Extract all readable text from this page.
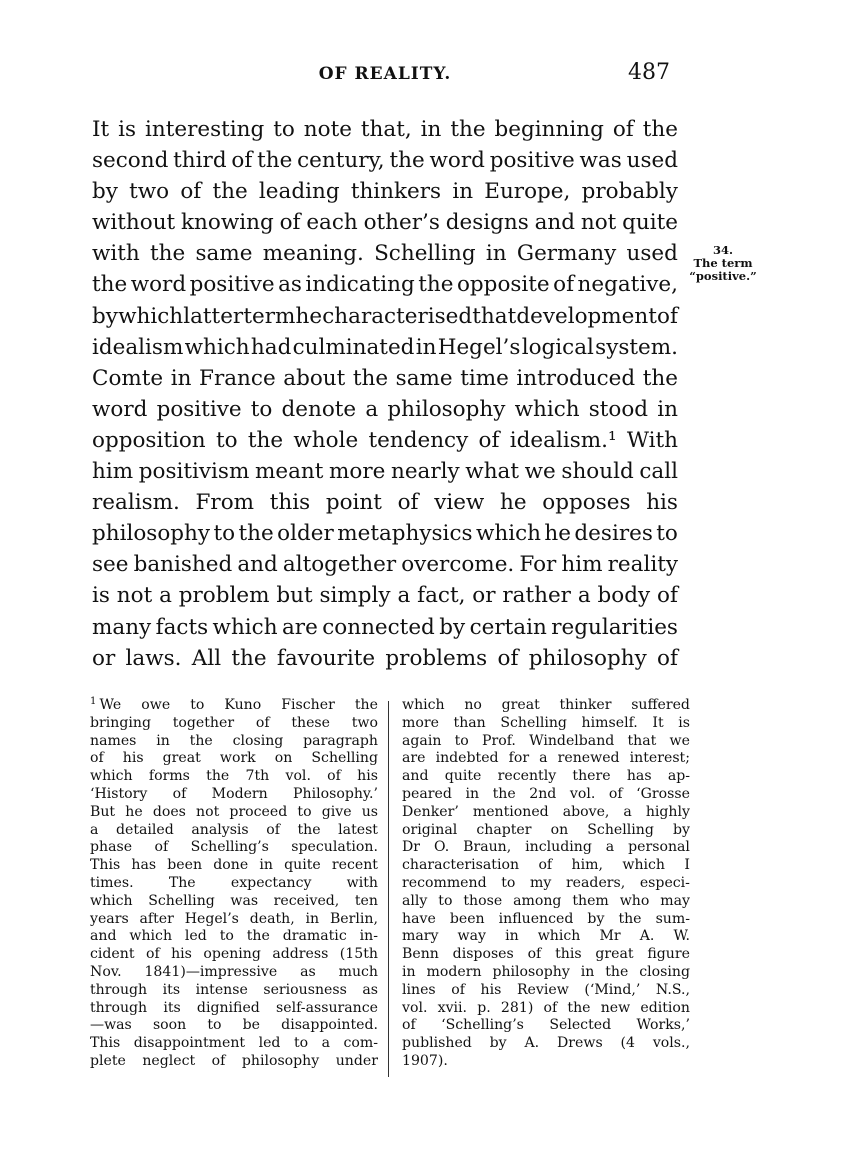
OF REALITY.	487
It is interesting to note that, in the beginning of the
second third of the century, the word positive was used
by two of the leading thinkers in Europe, probably
without knowing of each other’s designs and not quite
with the same meaning. Schelling in Germany used
the word positive as indicating the opposite of negative,
by which latter term he characterised that development of
idealism which had culminated in Hegel’s logical system.
Comte in France about the same time introduced the
word positive to denote a philosophy which stood in
opposition to the whole tendency of idealism.¹ With
him positivism meant more nearly what we should call
realism. From this point of view he opposes his
philosophy to the older metaphysics which he desires to
see banished and altogether overcome. For him reality
is not a problem but simply a fact, or rather a body of
many facts which are connected by certain regularities
or laws. All the favourite problems of philosophy of
34.
The term
“positive.”
$^1$ We owe to Kuno Fischer the
bringing together of these two
names in the closing paragraph
of his great work on Schelling
which forms the 7th vol. of his
‘History of Modern Philosophy.’
But he does not proceed to give us
a detailed analysis of the latest
phase of Schelling’s speculation.
This has been done in quite recent
times. The expectancy with
which Schelling was received, ten
years after Hegel’s death, in Berlin,
and which led to the dramatic in-
cident of his opening address (15th
Nov. 1841)—impressive as much
through its intense seriousness as
through its dignified self-assurance
—was soon to be disappointed.
This disappointment led to a com-
plete neglect of philosophy under
which no great thinker suffered
more than Schelling himself. It is
again to Prof. Windelband that we
are indebted for a renewed interest;
and quite recently there has ap-
peared in the 2nd vol. of ‘Grosse
Denker’ mentioned above, a highly
original chapter on Schelling by
Dr O. Braun, including a personal
characterisation of him, which I
recommend to my readers, especi-
ally to those among them who may
have been influenced by the sum-
mary way in which Mr A. W.
Benn disposes of this great figure
in modern philosophy in the closing
lines of his Review (‘Mind,’ N.S.,
vol. xvii. p. 281) of the new edition
of ‘Schelling’s Selected Works,’
published by A. Drews (4 vols.,
1907).
